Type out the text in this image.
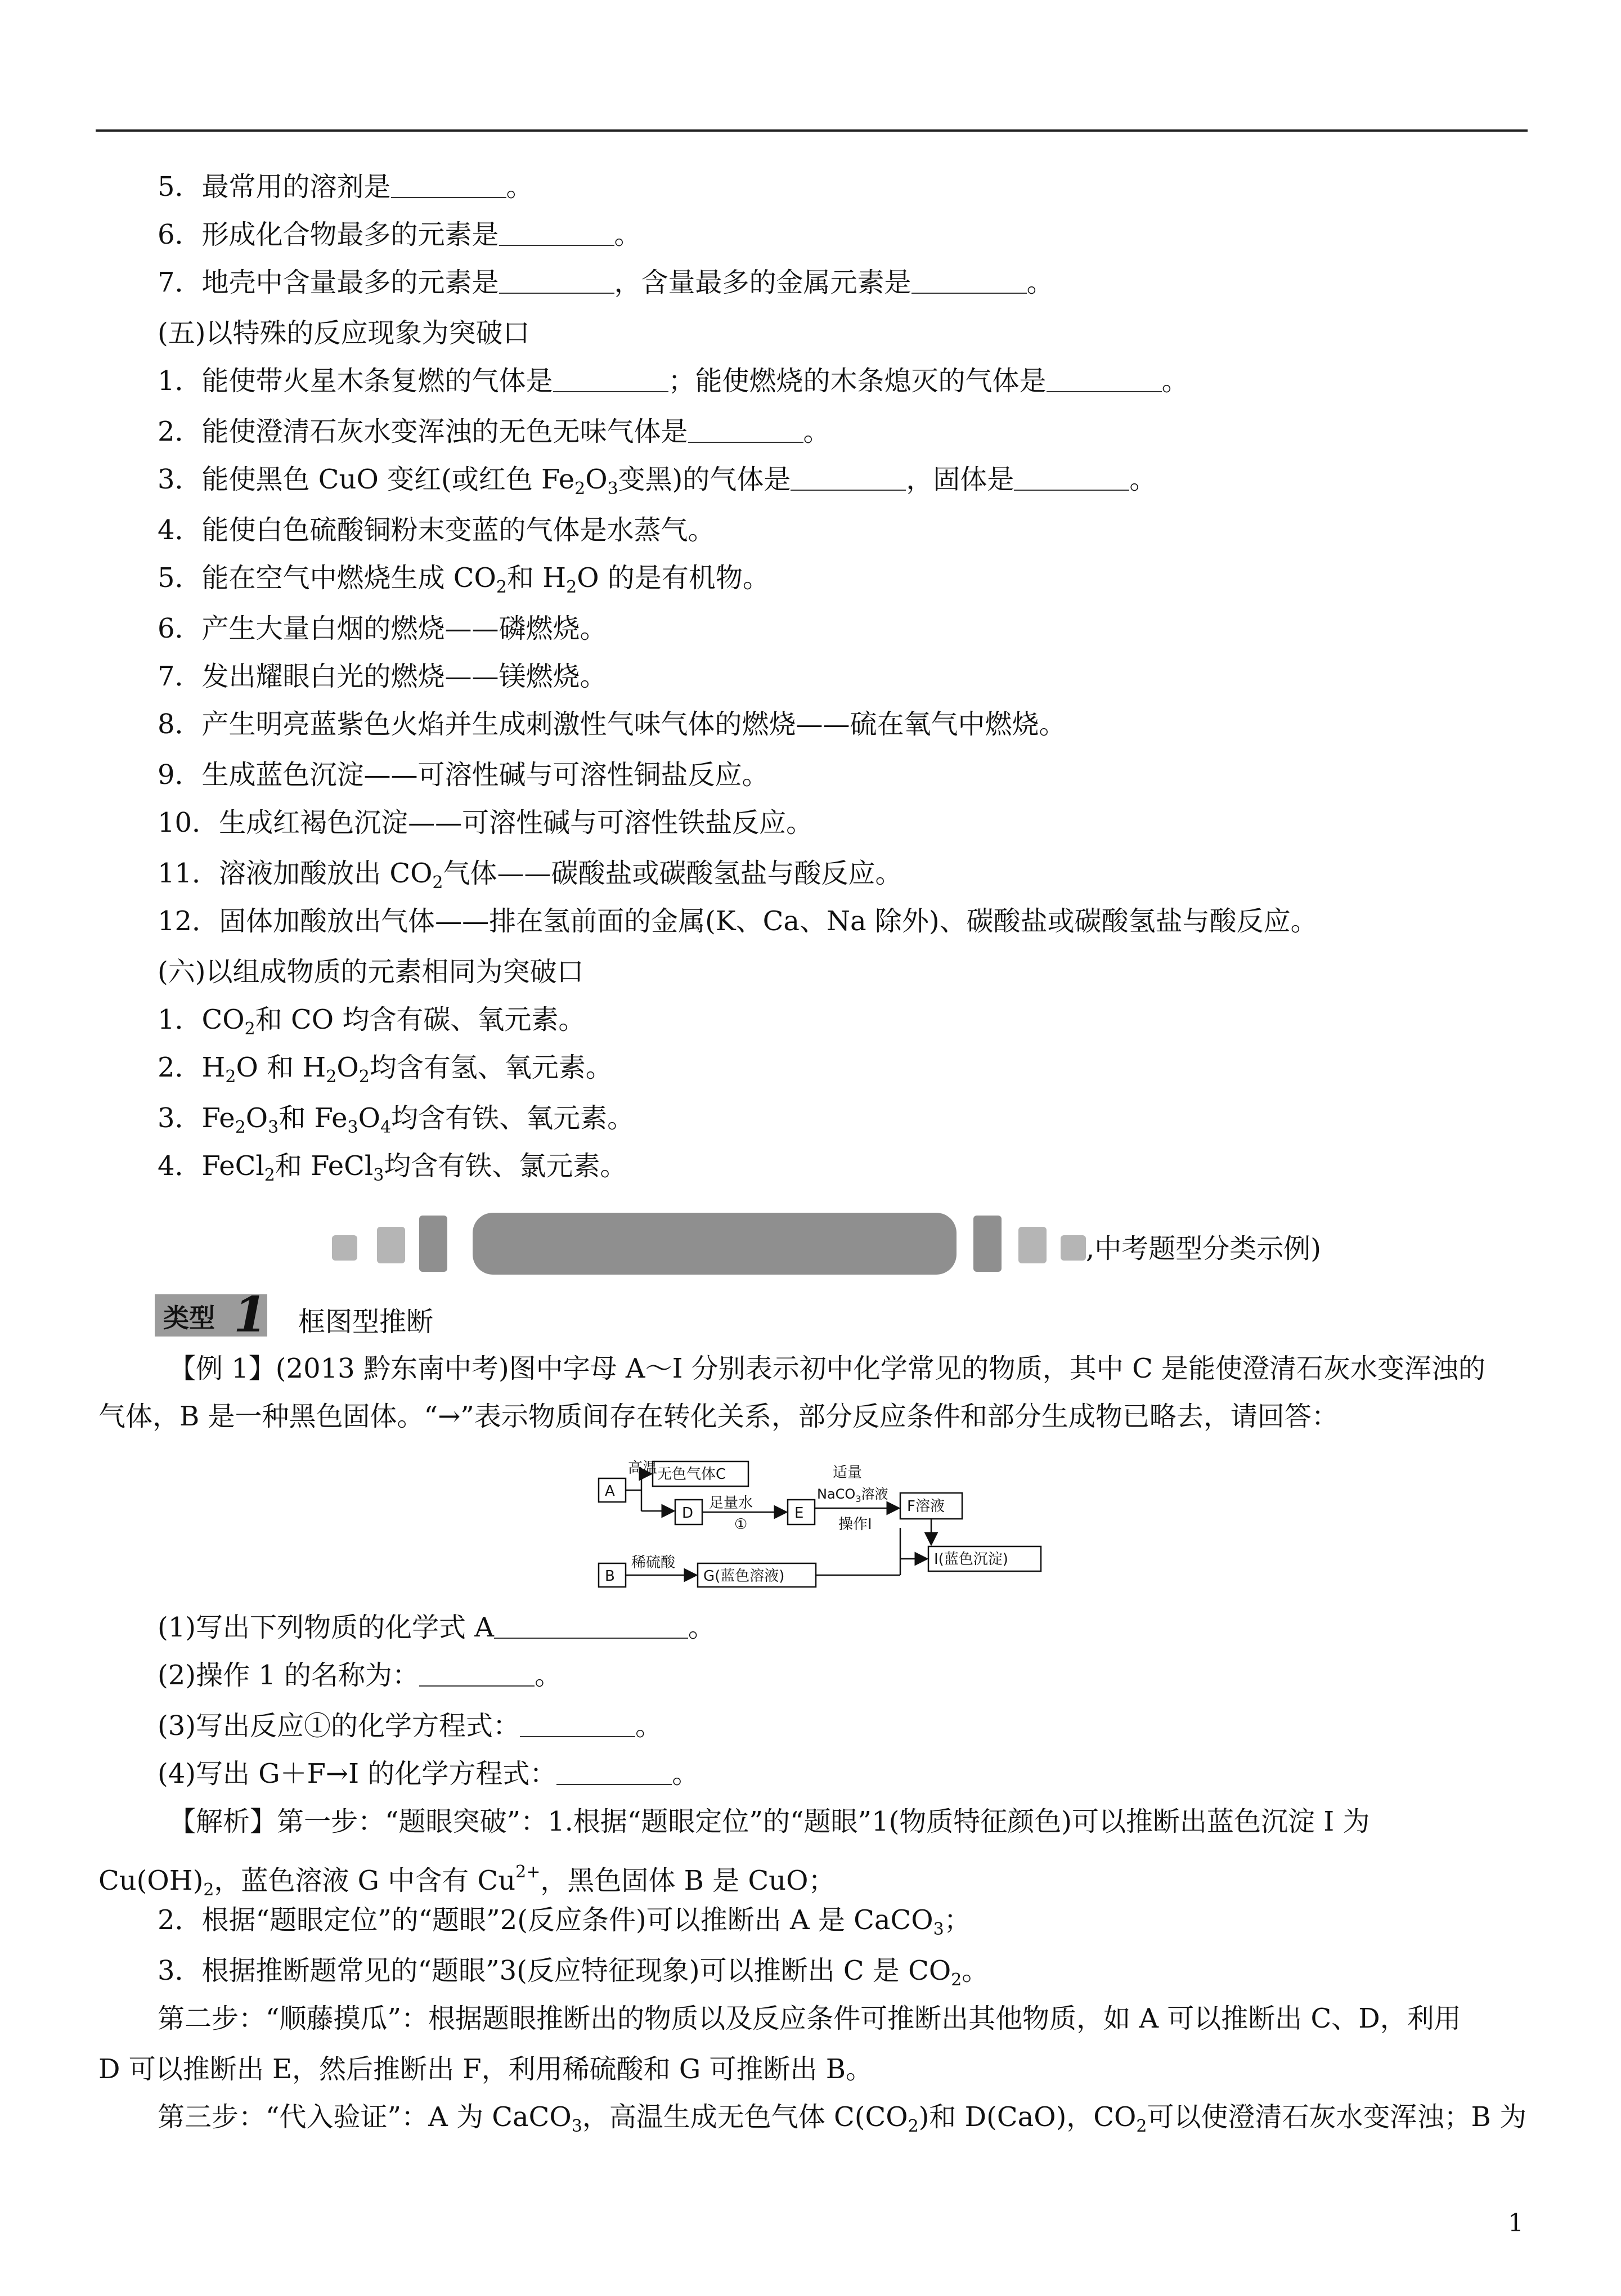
5．最常用的溶剂是	。
6．形成化合物最多的元素是	。
7．地壳中含量最多的元素是	，含量最多的金属元素是	。
(五)以特殊的反应现象为突破口
1．能使带火星木条复燃的气体是	；能使燃烧的木条熄灭的气体是	。
2．能使澄清石灰水变浑浊的无色无味气体是	。
3．能使黑色 CuO 变红(或红色 $Fe_2O_3$变黑)的气体是	，固体是	。
4．能使白色硫酸铜粉末变蓝的气体是水蒸气。
5．能在空气中燃烧生成 $CO_2$和 $H_2O$ 的是有机物。
6．产生大量白烟的燃烧——磷燃烧。
7．发出耀眼白光的燃烧——镁燃烧。
8．产生明亮蓝紫色火焰并生成刺激性气味气体的燃烧——硫在氧气中燃烧。
9．生成蓝色沉淀——可溶性碱与可溶性铜盐反应。
10．生成红褐色沉淀——可溶性碱与可溶性铁盐反应。
11．溶液加酸放出 $CO_2$气体——碳酸盐或碳酸氢盐与酸反应。
12．固体加酸放出气体——排在氢前面的金属(K、Ca、Na 除外)、碳酸盐或碳酸氢盐与酸反应。
(六)以组成物质的元素相同为突破口
1．$CO_2$和 CO 均含有碳、氧元素。
2．$H_2O$ 和 $H_2O_2$均含有氢、氧元素。
3．$Fe_2O_3$和 $Fe_3O_4$均含有铁、氧元素。
4．FeCl$_2$和 FeCl$_3$均含有铁、氯元素。
,中考题型分类示例)
类型 1 框图型推断
【例 1】(2013 黔东南中考)图中字母 A～I 分别表示初中化学常见的物质，其中 C 是能使澄清石灰水变浑浊的
气体，B 是一种黑色固体。“→”表示物质间存在转化关系，部分反应条件和部分生成物已略去，请回答：
高温
A
无色气体C
D
足量水
①
E
适量
NaCO$_3$溶液
操作Ⅰ
F溶液
B
稀硫酸
G(蓝色溶液)
I(蓝色沉淀)
(1)写出下列物质的化学式 A	。
(2)操作 1 的名称为：	。
(3)写出反应①的化学方程式：	。
(4)写出 G＋F→I 的化学方程式：	。
【解析】第一步：“题眼突破”：1.根据“题眼定位”的“题眼”1(物质特征颜色)可以推断出蓝色沉淀 I 为
$Cu(OH)_2$，蓝色溶液 G 中含有 $Cu^{2+}$，黑色固体 B 是 CuO；
2．根据“题眼定位”的“题眼”2(反应条件)可以推断出 A 是 CaCO$_3$；
3．根据推断题常见的“题眼”3(反应特征现象)可以推断出 C 是 $CO_2$。
第二步：“顺藤摸瓜”：根据题眼推断出的物质以及反应条件可推断出其他物质，如 A 可以推断出 C、D，利用
D 可以推断出 E，然后推断出 F，利用稀硫酸和 G 可推断出 B。
第三步：“代入验证”：A 为 CaCO$_3$，高温生成无色气体 $C(CO_2)$和 D(CaO)，$CO_2$可以使澄清石灰水变浑浊；B 为
1
